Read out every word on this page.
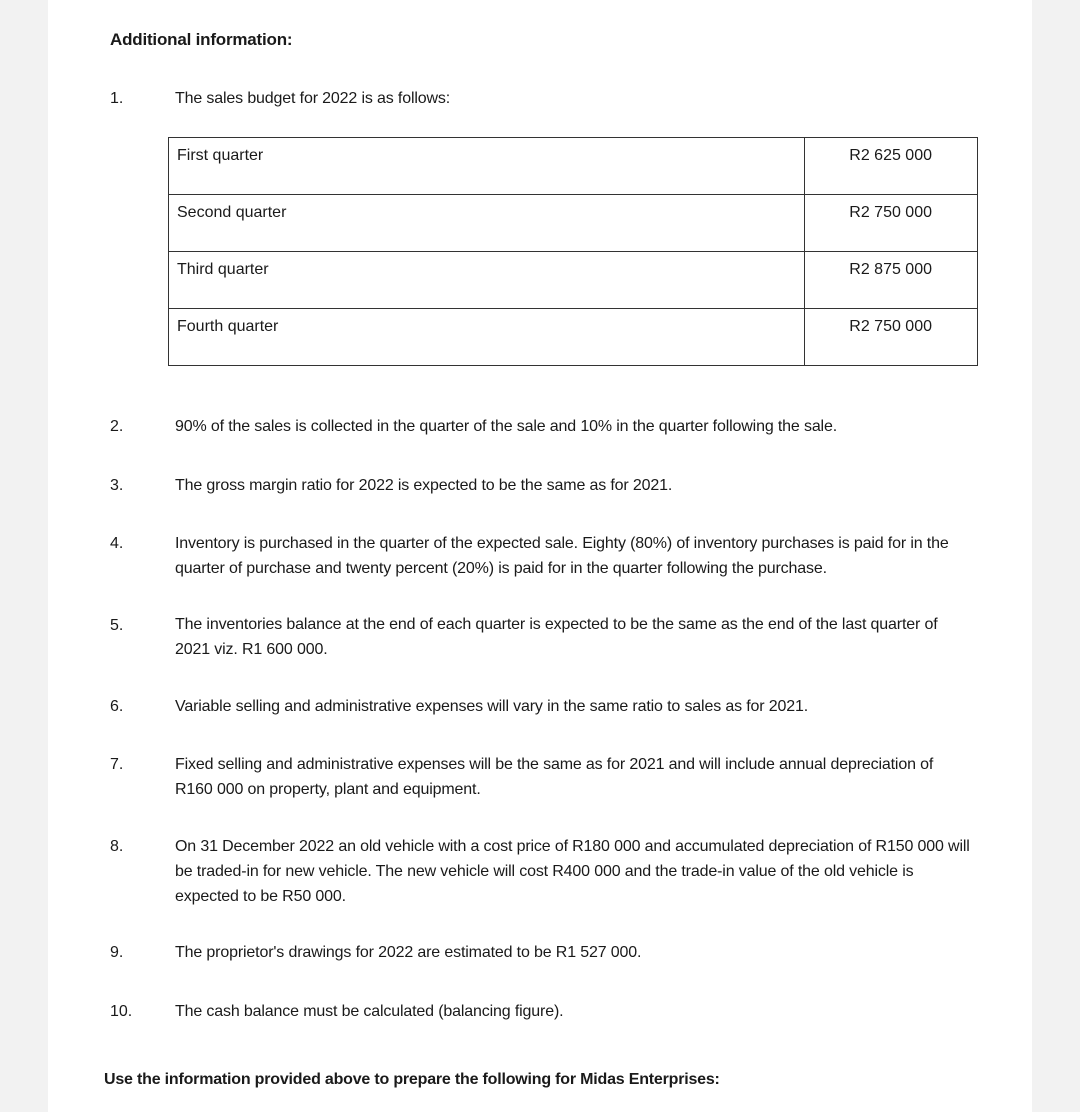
Additional information:
1.	The sales budget for 2022 is as follows:
First quarter	R2 625 000
Second quarter	R2 750 000
Third quarter	R2 875 000
Fourth quarter	R2 750 000
2.	90% of the sales is collected in the quarter of the sale and 10% in the quarter following the sale.
3.	The gross margin ratio for 2022 is expected to be the same as for 2021.
4.	Inventory is purchased in the quarter of the expected sale. Eighty (80%) of inventory purchases is paid for in the quarter of purchase and twenty percent (20%) is paid for in the quarter following the purchase.
5.	The inventories balance at the end of each quarter is expected to be the same as the end of the last quarter of 2021 viz. R1 600 000.
6.	Variable selling and administrative expenses will vary in the same ratio to sales as for 2021.
7.	Fixed selling and administrative expenses will be the same as for 2021 and will include annual depreciation of R160 000 on property, plant and equipment.
8.	On 31 December 2022 an old vehicle with a cost price of R180 000 and accumulated depreciation of R150 000 will be traded-in for new vehicle. The new vehicle will cost R400 000 and the trade-in value of the old vehicle is expected to be R50 000.
9.	The proprietor's drawings for 2022 are estimated to be R1 527 000.
10.	The cash balance must be calculated (balancing figure).
Use the information provided above to prepare the following for Midas Enterprises:
